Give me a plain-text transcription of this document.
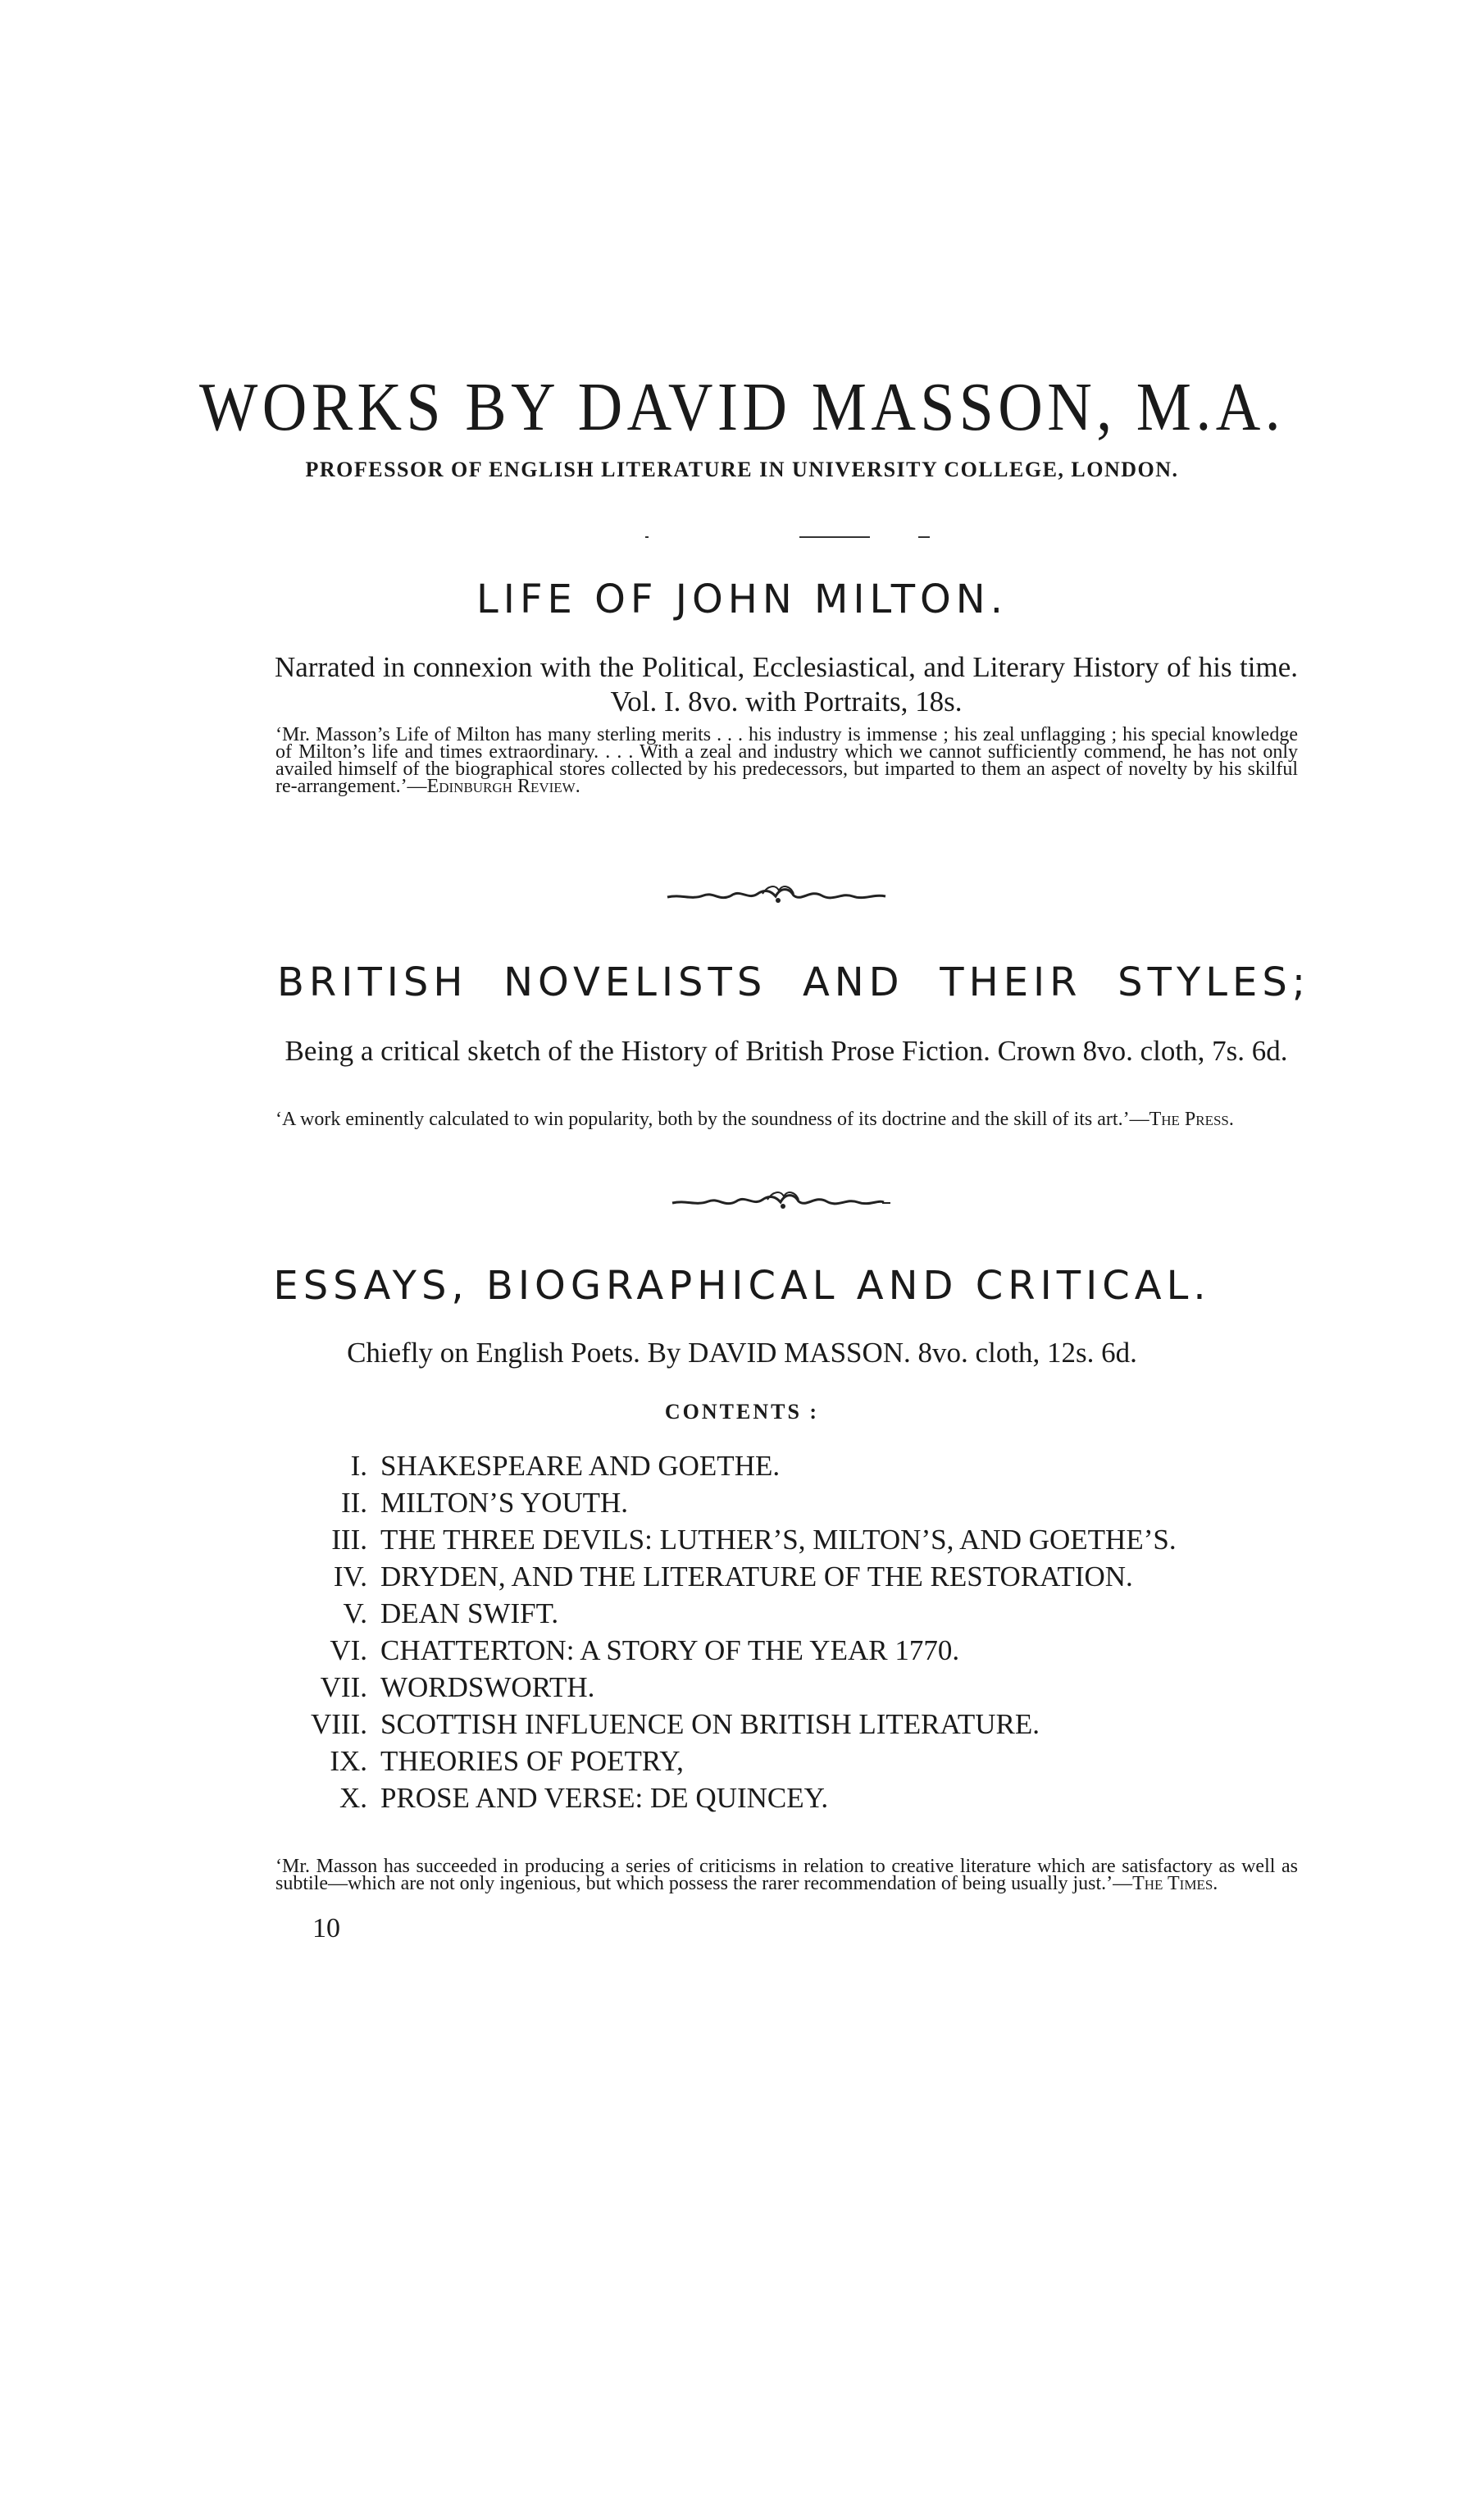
WORKS BY DAVID MASSON, M.A.
PROFESSOR OF ENGLISH LITERATURE IN UNIVERSITY COLLEGE, LONDON.
LIFE OF JOHN MILTON.
Narrated in connexion with the Political, Ecclesiastical, and Literary History of his time. Vol. I. 8vo. with Portraits, 18s.
‘Mr. Masson’s Life of Milton has many sterling merits . . . his industry is immense ; his zeal unflagging ; his special knowledge of Milton’s life and times extraordinary. . . . With a zeal and industry which we cannot sufficiently commend, he has not only availed himself of the biographical stores collected by his predecessors, but imparted to them an aspect of novelty by his skilful re-arrangement.’—Edinburgh Review.
BRITISH NOVELISTS AND THEIR STYLES;
Being a critical sketch of the History of British Prose Fiction. Crown 8vo. cloth, 7s. 6d.
‘A work eminently calculated to win popularity, both by the soundness of its doctrine and the skill of its art.’—The Press.
ESSAYS, BIOGRAPHICAL AND CRITICAL.
Chiefly on English Poets. By DAVID MASSON. 8vo. cloth, 12s. 6d.
CONTENTS :
I. SHAKESPEARE AND GOETHE.
II. MILTON’S YOUTH.
III. THE THREE DEVILS: LUTHER’S, MILTON’S, AND GOETHE’S.
IV. DRYDEN, AND THE LITERATURE OF THE RESTORATION.
V. DEAN SWIFT.
VI. CHATTERTON: A STORY OF THE YEAR 1770.
VII. WORDSWORTH.
VIII. SCOTTISH INFLUENCE ON BRITISH LITERATURE.
IX. THEORIES OF POETRY,
X. PROSE AND VERSE: DE QUINCEY.
‘Mr. Masson has succeeded in producing a series of criticisms in relation to creative literature which are satisfactory as well as subtile—which are not only ingenious, but which possess the rarer recommendation of being usually just.’—The Times.
10
